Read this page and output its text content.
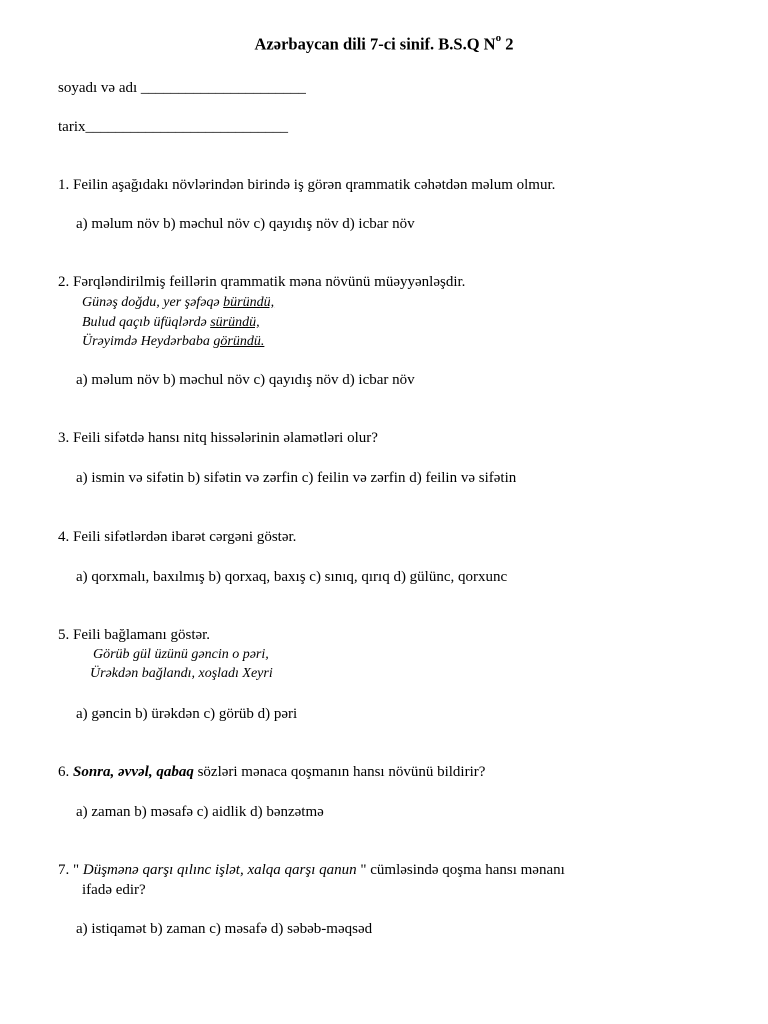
Azərbaycan dili 7-ci sinif. B.S.Q $N^o$ 2
soyadı və adı ______________________
tarix___________________________
1. Feilin aşağıdakı növlərindən birində iş görən qrammatik cəhətdən məlum olmur.
a) məlum növ b) məchul növ c) qayıdış növ d) icbar növ
2. Fərqləndirilmiş feillərin qrammatik məna növünü müəyyənləşdir.
Günəş doğdu, yer şəfəqə büründü,
Bulud qaçıb üfüqlərdə süründü,
Ürəyimdə Heydərbaba göründü.
a) məlum növ b) məchul növ c) qayıdış növ d) icbar növ
3. Feili sifətdə hansı nitq hissələrinin əlamətləri olur?
a) ismin və sifətin b) sifətin və zərfin c) feilin və zərfin d) feilin və sifətin
4. Feili sifətlərdən ibarət cərgəni göstər.
a) qorxmalı, baxılmış b) qorxaq, baxış c) sınıq, qırıq d) gülünc, qorxunc
5. Feili bağlamanı göstər.
Görüb gül üzünü gəncin o pəri,
Ürəkdən bağlandı, xoşladı Xeyri
a) gəncin b) ürəkdən c) görüb d) pəri
6. Sonra, əvvəl, qabaq sözləri mənaca qoşmanın hansı növünü bildirir?
a) zaman b) məsafə c) aidlik d) bənzətmə
7. " Düşmənə qarşı qılınc işlət, xalqa qarşı qanun " cümləsində qoşma hansı mənanı
ifadə edir?
a) istiqamət b) zaman c) məsafə d) səbəb-məqsəd
